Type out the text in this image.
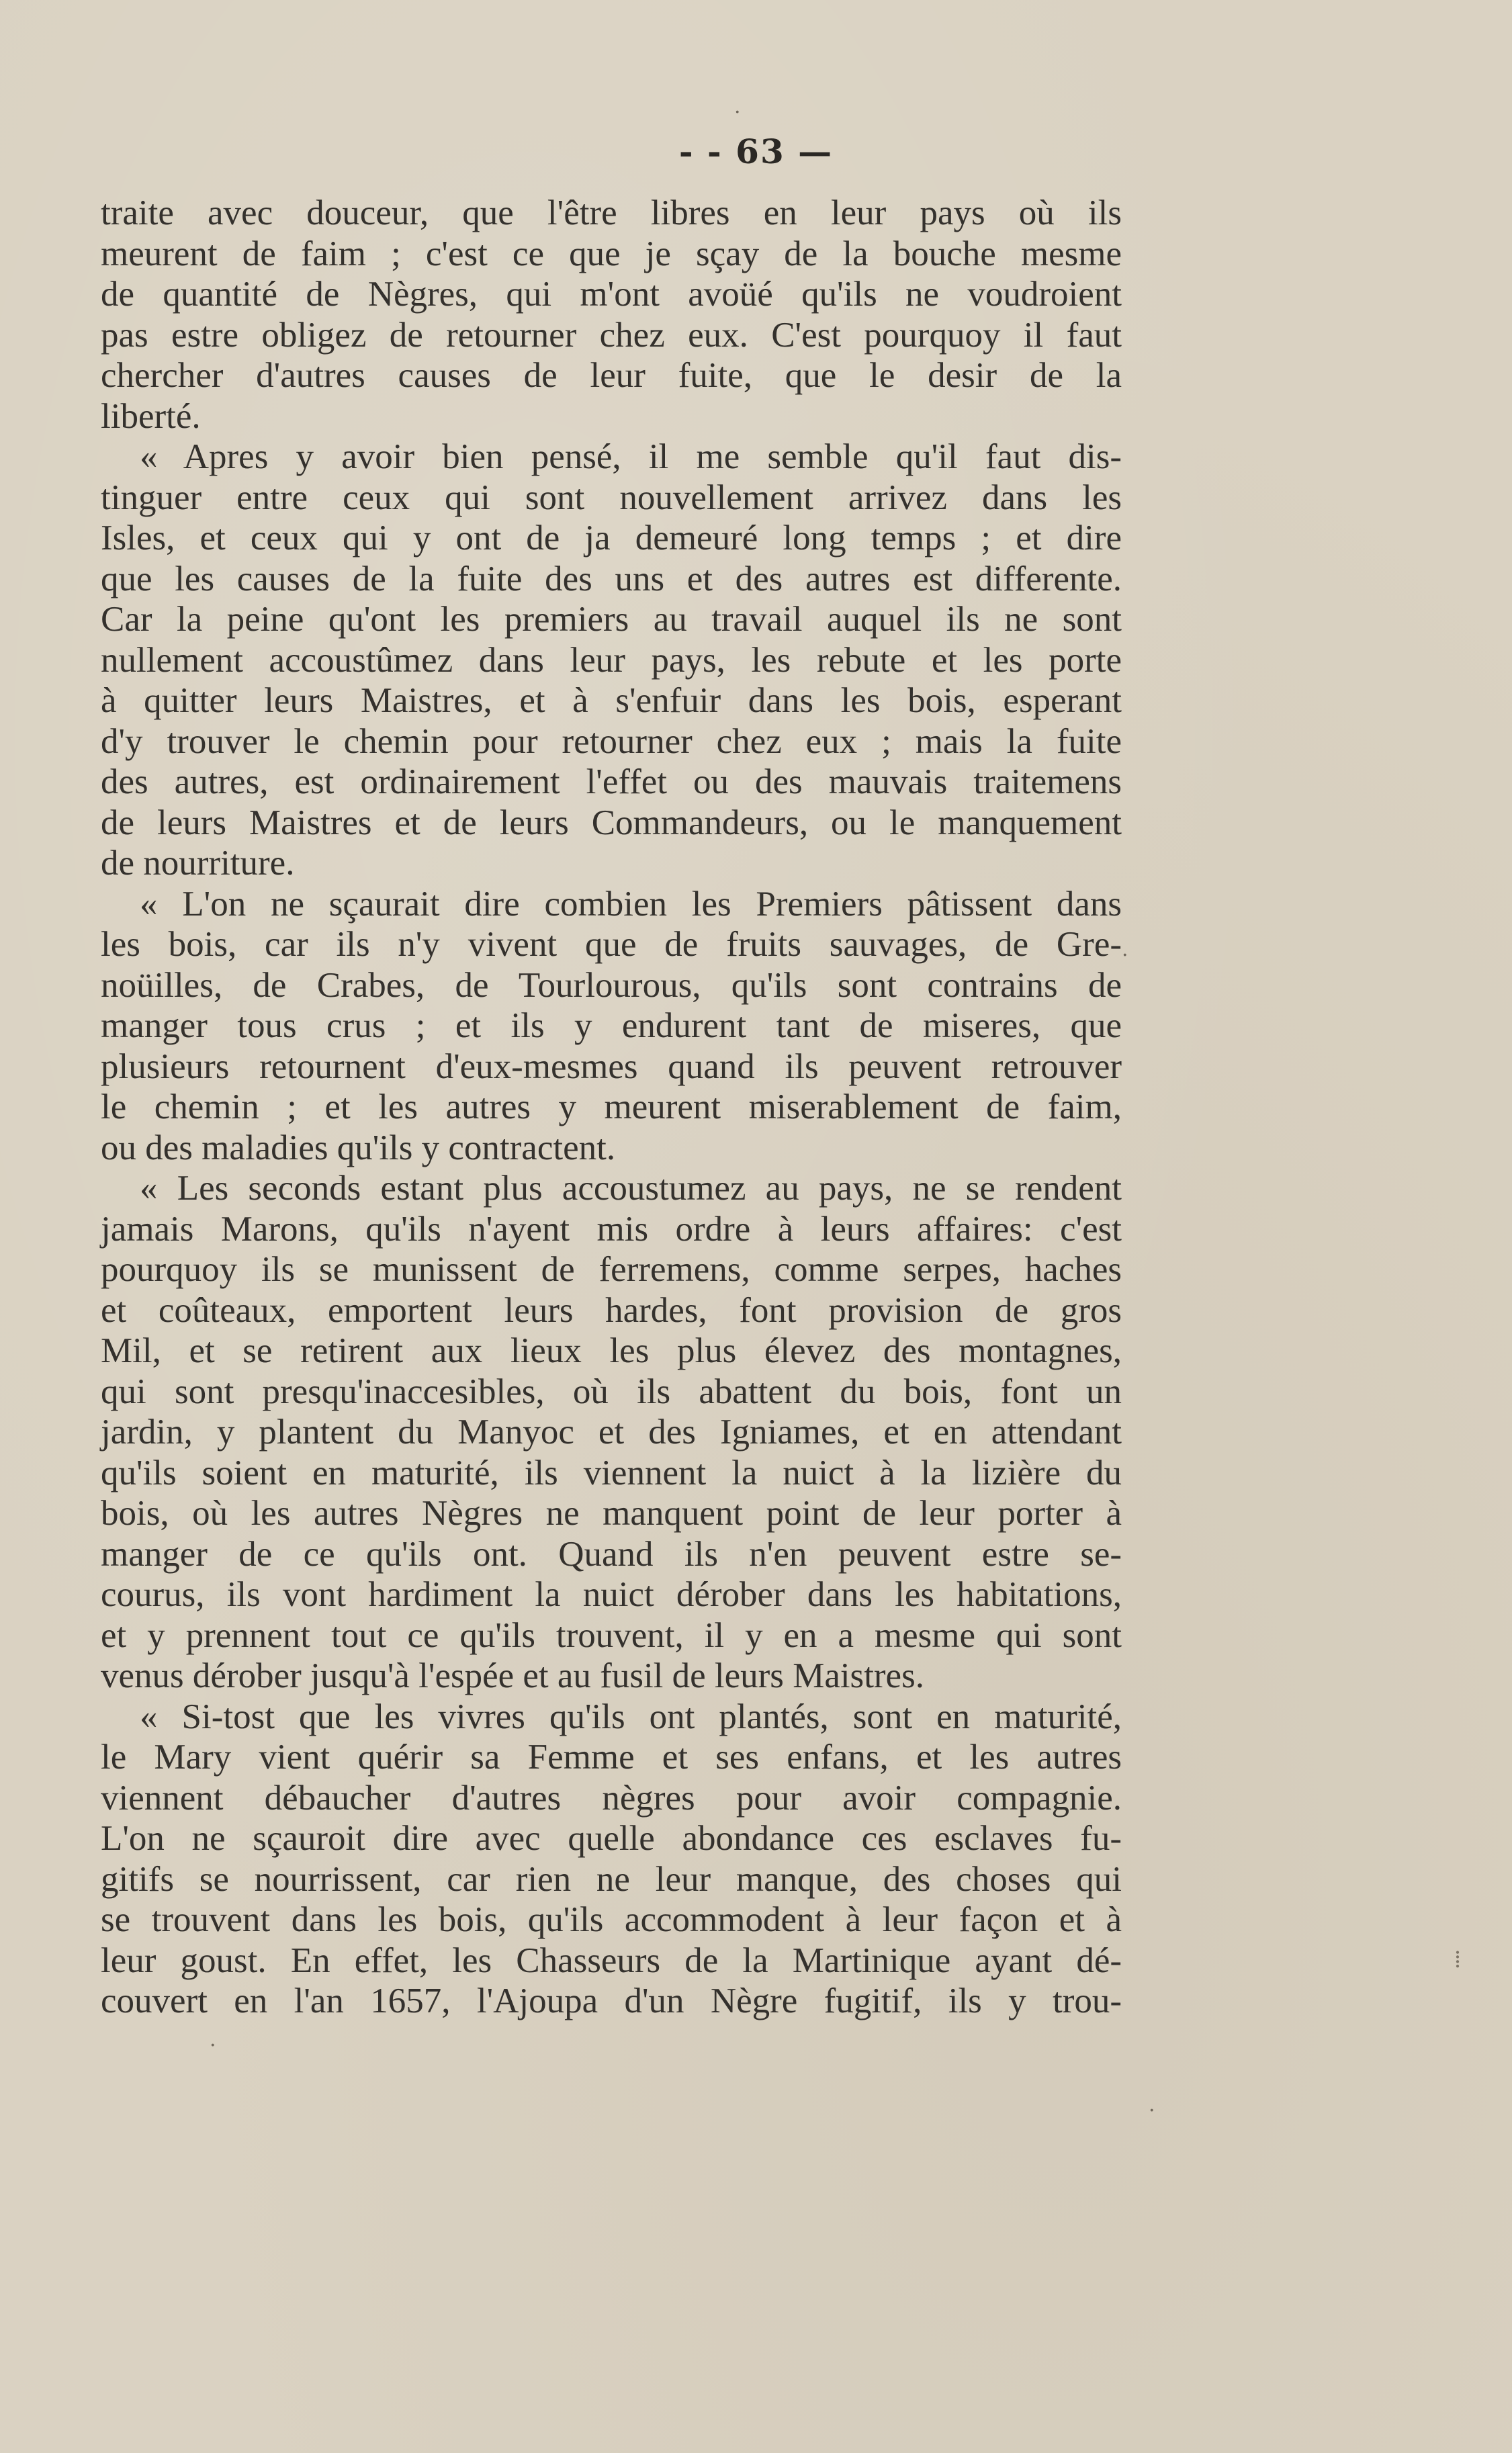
- - 63 —
traite avec douceur, que l'être libres en leur pays où ils
meurent de faim ; c'est ce que je sçay de la bouche mesme
de quantité de Nègres, qui m'ont avoüé qu'ils ne voudroient
pas estre obligez de retourner chez eux. C'est pourquoy il faut
chercher d'autres causes de leur fuite, que le desir de la
liberté.
« Apres y avoir bien pensé, il me semble qu'il faut dis-
tinguer entre ceux qui sont nouvellement arrivez dans les
Isles, et ceux qui y ont de ja demeuré long temps ; et dire
que les causes de la fuite des uns et des autres est differente.
Car la peine qu'ont les premiers au travail auquel ils ne sont
nullement accoustûmez dans leur pays, les rebute et les porte
à quitter leurs Maistres, et à s'enfuir dans les bois, esperant
d'y trouver le chemin pour retourner chez eux ; mais la fuite
des autres, est ordinairement l'effet ou des mauvais traitemens
de leurs Maistres et de leurs Commandeurs, ou le manquement
de nourriture.
« L'on ne sçaurait dire combien les Premiers pâtissent dans
les bois, car ils n'y vivent que de fruits sauvages, de Gre-
noüilles, de Crabes, de Tourlourous, qu'ils sont contrains de
manger tous crus ; et ils y endurent tant de miseres, que
plusieurs retournent d'eux-mesmes quand ils peuvent retrouver
le chemin ; et les autres y meurent miserablement de faim,
ou des maladies qu'ils y contractent.
« Les seconds estant plus accoustumez au pays, ne se rendent
jamais Marons, qu'ils n'ayent mis ordre à leurs affaires: c'est
pourquoy ils se munissent de ferremens, comme serpes, haches
et coûteaux, emportent leurs hardes, font provision de gros
Mil, et se retirent aux lieux les plus élevez des montagnes,
qui sont presqu'inaccesibles, où ils abattent du bois, font un
jardin, y plantent du Manyoc et des Igniames, et en attendant
qu'ils soient en maturité, ils viennent la nuict à la lizière du
bois, où les autres Nègres ne manquent point de leur porter à
manger de ce qu'ils ont. Quand ils n'en peuvent estre se-
courus, ils vont hardiment la nuict dérober dans les habitations,
et y prennent tout ce qu'ils trouvent, il y en a mesme qui sont
venus dérober jusqu'à l'espée et au fusil de leurs Maistres.
« Si-tost que les vivres qu'ils ont plantés, sont en maturité,
le Mary vient quérir sa Femme et ses enfans, et les autres
viennent débaucher d'autres nègres pour avoir compagnie.
L'on ne sçauroit dire avec quelle abondance ces esclaves fu-
gitifs se nourrissent, car rien ne leur manque, des choses qui
se trouvent dans les bois, qu'ils accommodent à leur façon et à
leur goust. En effet, les Chasseurs de la Martinique ayant dé-
couvert en l'an 1657, l'Ajoupa d'un Nègre fugitif, ils y trou-
·
·
·
·
⁞
